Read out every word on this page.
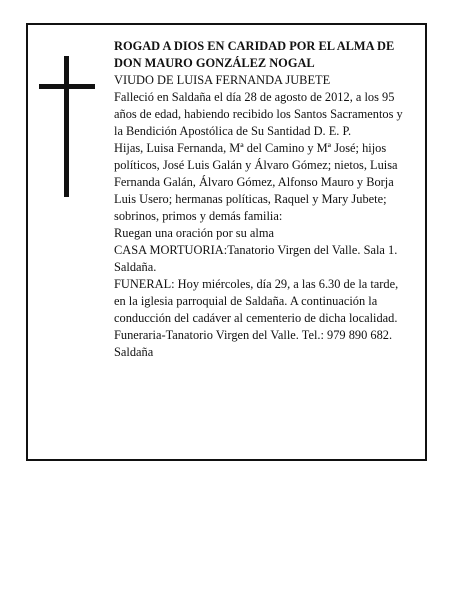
ROGAD A DIOS EN CARIDAD POR EL ALMA DE
DON MAURO GONZÁLEZ NOGAL
VIUDO DE LUISA FERNANDA JUBETE
Falleció en Saldaña el día 28 de agosto de 2012, a los 95 años de edad, habiendo recibido los Santos Sacramentos y la Bendición Apostólica de Su Santidad D. E. P.
Hijas, Luisa Fernanda, Mª del Camino y Mª José; hijos políticos, José Luis Galán y Álvaro Gómez; nietos, Luisa Fernanda Galán, Álvaro Gómez, Alfonso Mauro y Borja Luis Usero; hermanas políticas, Raquel y Mary Jubete; sobrinos, primos y demás familia:
Ruegan una oración por su alma
CASA MORTUORIA:Tanatorio Virgen del Valle. Sala 1. Saldaña.
FUNERAL: Hoy miércoles, día 29, a las 6.30 de la tarde, en la iglesia parroquial de Saldaña. A continuación la conducción del cadáver al cementerio de dicha localidad.
Funeraria-Tanatorio Virgen del Valle. Tel.: 979 890 682. Saldaña
